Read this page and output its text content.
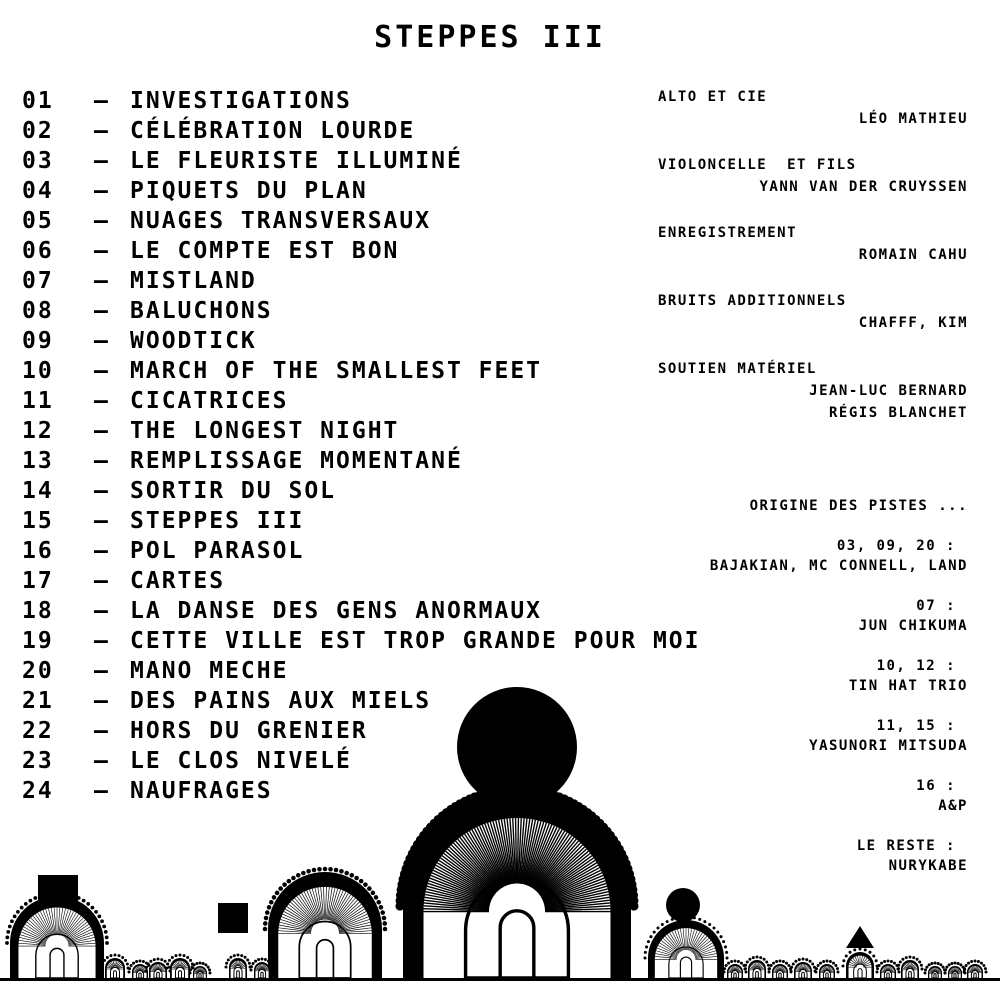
STEPPES III
01 – INVESTIGATIONS
02 – CÉLÉBRATION LOURDE
03 – LE FLEURISTE ILLUMINÉ
04 – PIQUETS DU PLAN
05 – NUAGES TRANSVERSAUX
06 – LE COMPTE EST BON
07 – MISTLAND
08 – BALUCHONS
09 – WOODTICK
10 – MARCH OF THE SMALLEST FEET
11 – CICATRICES
12 – THE LONGEST NIGHT
13 – REMPLISSAGE MOMENTANÉ
14 – SORTIR DU SOL
15 – STEPPES III
16 – POL PARASOL
17 – CARTES
18 – LA DANSE DES GENS ANORMAUX
19 – CETTE VILLE EST TROP GRANDE POUR MOI
20 – MANO MECHE
21 – DES PAINS AUX MIELS
22 – HORS DU GRENIER
23 – LE CLOS NIVELÉ
24 – NAUFRAGES
ALTO ET CIE
LÉO MATHIEU
VIOLONCELLE  ET FILS
YANN VAN DER CRUYSSEN
ENREGISTREMENT
ROMAIN CAHU
BRUITS ADDITIONNELS
CHAFFF, KIM
SOUTIEN MATÉRIEL
JEAN-LUC BERNARD
RÉGIS BLANCHET
ORIGINE DES PISTES ...
03, 09, 20 :
BAJAKIAN, MC CONNELL, LAND
07 :
JUN CHIKUMA
10, 12 :
TIN HAT TRIO
11, 15 :
YASUNORI MITSUDA
16 :
A&P
LE RESTE :
NURYKABE
